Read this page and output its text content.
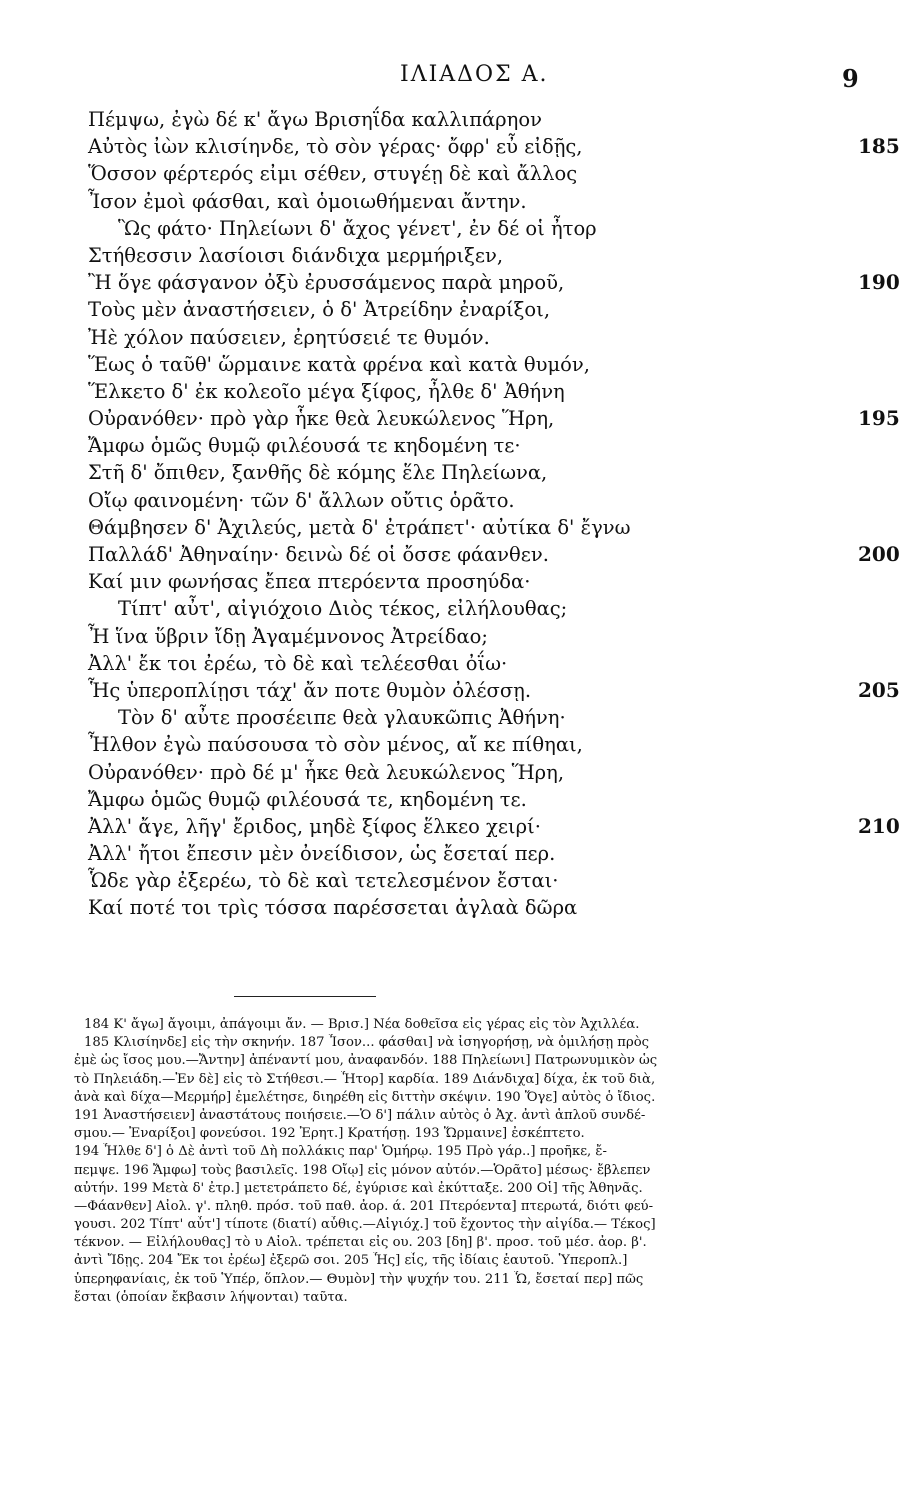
ΙΛΙΑΔΟΣ Α.	9
Πέμψω, ἐγὼ δέ κ' ἄγω Βρισηΐδα καλλιπάρηον
Αὐτὸς ἰὼν κλισίηνδε, τὸ σὸν γέρας· ὄφρ' εὖ εἰδῇς,	185
Ὅσσον φέρτερός εἰμι σέθεν, στυγέῃ δὲ καὶ ἄλλος
Ἶσον ἐμοὶ φάσθαι, καὶ ὁμοιωθήμεναι ἄντην.
Ὣς φάτο· Πηλείωνι δ' ἄχος γένετ', ἐν δέ οἱ ἦτορ
Στήθεσσιν λασίοισι διάνδιχα μερμήριξεν,
Ἢ ὅγε φάσγανον ὀξὺ ἐρυσσάμενος παρὰ μηροῦ,	190
Τοὺς μὲν ἀναστήσειεν, ὁ δ' Ἀτρείδην ἐναρίξοι,
Ἠὲ χόλον παύσειεν, ἐρητύσειέ τε θυμόν.
Ἕως ὁ ταῦθ' ὥρμαινε κατὰ φρένα καὶ κατὰ θυμόν,
Ἕλκετο δ' ἐκ κολεοῖο μέγα ξίφος, ἦλθε δ' Ἀθήνη
Οὐρανόθεν· πρὸ γὰρ ἧκε θεὰ λευκώλενος Ἥρη,	195
Ἄμφω ὁμῶς θυμῷ φιλέουσά τε κηδομένη τε·
Στῆ δ' ὄπιθεν, ξανθῆς δὲ κόμης ἕλε Πηλείωνα,
Οἴῳ φαινομένη· τῶν δ' ἄλλων οὔτις ὁρᾶτο.
Θάμβησεν δ' Ἀχιλεύς, μετὰ δ' ἐτράπετ'· αὐτίκα δ' ἔγνω
Παλλάδ' Ἀθηναίην· δεινὼ δέ οἱ ὄσσε φάανθεν.	200
Καί μιν φωνήσας ἔπεα πτερόεντα προσηύδα·
Τίπτ' αὖτ', αἰγιόχοιο Διὸς τέκος, εἰλήλουθας;
Ἦ ἵνα ὕβριν ἴδῃ Ἀγαμέμνονος Ἀτρείδαο;
Ἀλλ' ἔκ τοι ἐρέω, τὸ δὲ καὶ τελέεσθαι ὀΐω·
Ἧς ὑπεροπλίῃσι τάχ' ἄν ποτε θυμὸν ὀλέσσῃ.	205
Τὸν δ' αὖτε προσέειπε θεὰ γλαυκῶπις Ἀθήνη·
Ἦλθον ἐγὼ παύσουσα τὸ σὸν μένος, αἴ κε πίθηαι,
Οὐρανόθεν· πρὸ δέ μ' ἧκε θεὰ λευκώλενος Ἥρη,
Ἄμφω ὁμῶς θυμῷ φιλέουσά τε, κηδομένη τε.
Ἀλλ' ἄγε, λῆγ' ἔριδος, μηδὲ ξίφος ἕλκεο χειρί·	210
Ἀλλ' ἤτοι ἔπεσιν μὲν ὀνείδισον, ὡς ἔσεταί περ.
Ὧδε γὰρ ἐξερέω, τὸ δὲ καὶ τετελεσμένον ἔσται·
Καί ποτέ τοι τρὶς τόσσα παρέσσεται ἀγλαὰ δῶρα
184 Κ' ἄγω] ἄγοιμι, ἀπάγοιμι ἄν. — Βρισ.] Νέα δοθεῖσα εἰς γέρας εἰς τὸν Ἀχιλλέα.
185 Κλισίηνδε] εἰς τὴν σκηνήν. 187 Ἶσον... φάσθαι] νὰ ἰσηγορήσῃ, νὰ ὁμιλήσῃ πρὸς
ἐμὲ ὡς ἴσος μου.—Ἄντην] ἀπέναντί μου, ἀναφανδόν. 188 Πηλείωνι] Πατρωνυμικὸν ὡς
τὸ Πηλειάδη.—Ἐν δὲ] εἰς τὸ Στήθεσι.— Ἦτορ] καρδία. 189 Διάνδιχα] δίχα, ἐκ τοῦ διὰ,
ἀνὰ καὶ δίχα—Μερμήρ] ἐμελέτησε, διηρέθη εἰς διττὴν σκέψιν. 190 Ὅγε] αὐτὸς ὁ ἴδιος.
191 Ἀναστήσειεν] ἀναστάτους ποιήσειε.—Ὁ δ'] πάλιν αὐτὸς ὁ Ἀχ. ἀντὶ ἁπλοῦ συνδέ-
σμου.— Ἐναρίξοι] φονεύσοι. 192 Ἐρητ.] Κρατήσῃ. 193 Ὥρμαινε] ἐσκέπτετο.
194 Ἦλθε δ'] ὁ Δὲ ἀντὶ τοῦ Δὴ πολλάκις παρ' Ὁμήρῳ. 195 Πρὸ γάρ..] προῆκε, ἔ-
πεμψε. 196 Ἄμφω] τοὺς βασιλεῖς. 198 Οἴῳ] εἰς μόνον αὐτόν.—Ὁρᾶτο] μέσως· ἔβλεπεν
αὐτήν. 199 Μετὰ δ' ἐτρ.] μετετράπετο δέ, ἐγύρισε καὶ ἐκύτταξε. 200 Οἱ] τῆς Ἀθηνᾶς.
—Φάανθεν] Αἰολ. γ'. πληθ. πρόσ. τοῦ παθ. ἀορ. ά. 201 Πτερόεντα] πτερωτά, διότι φεύ-
γουσι. 202 Τίπτ' αὖτ'] τίποτε (διατί) αὖθις.—Αἰγιόχ.] τοῦ ἔχοντος τὴν αἰγίδα.— Τέκος]
τέκνον. — Εἰλήλουθας] τὸ υ Αἰολ. τρέπεται εἰς ου. 203 [δη] β'. προσ. τοῦ μέσ. ἀορ. β'.
ἀντὶ Ἴδῃς. 204 Ἔκ τοι ἐρέω] ἐξερῶ σοι. 205 Ἧς] εἷς, τῆς ἰδίαις ἑαυτοῦ. Ὑπεροπλ.]
ὑπερηφανίαις, ἐκ τοῦ Ὑπέρ, ὅπλον.— Θυμὸν] τὴν ψυχήν του. 211 Ὧ, ἔσεταί περ] πῶς
ἔσται (ὁποίαν ἔκβασιν λήψονται) ταῦτα.
